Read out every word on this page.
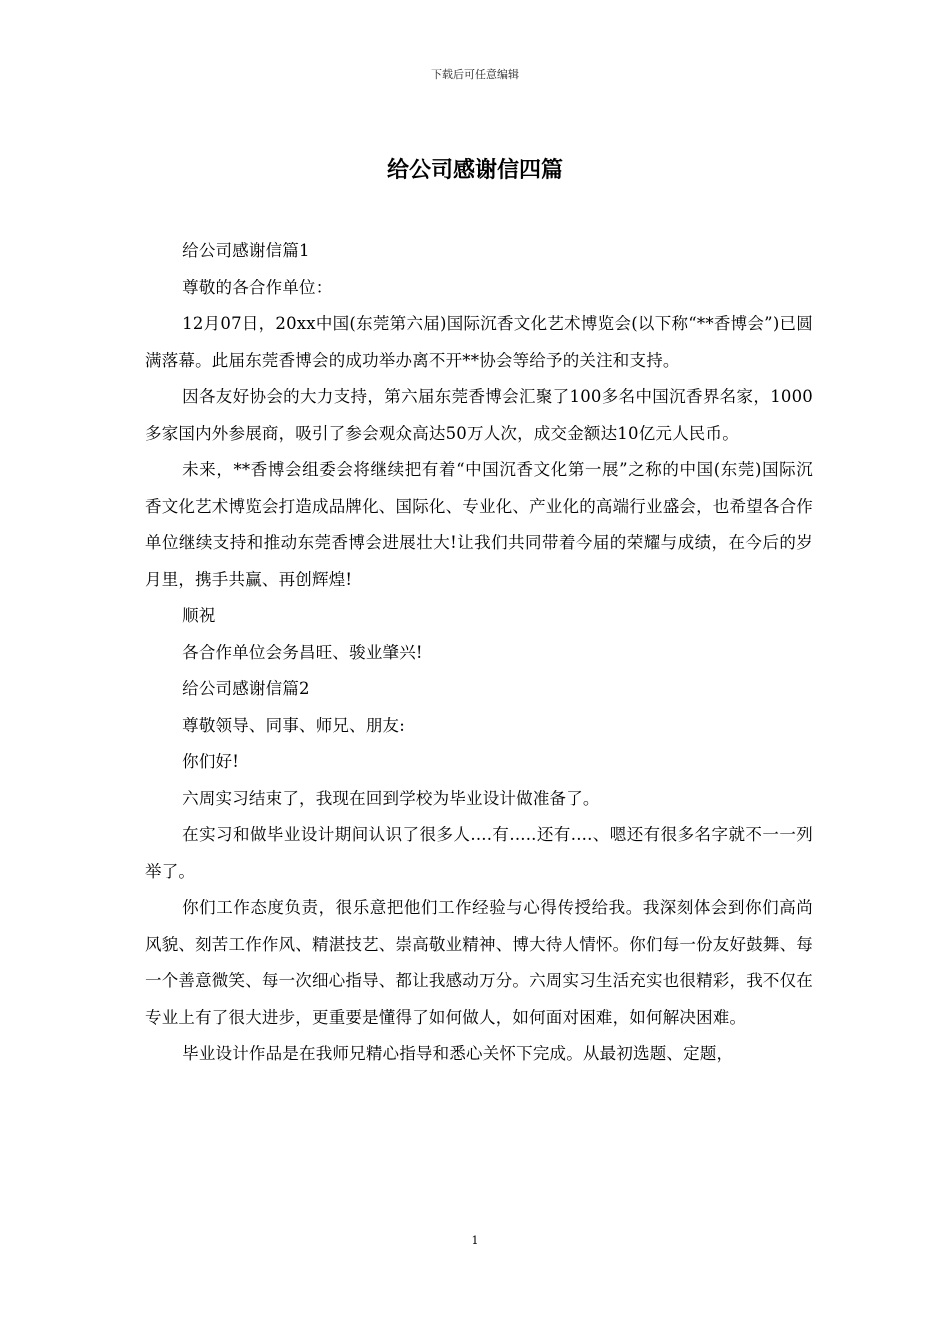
下载后可任意编辑
给公司感谢信四篇

给公司感谢信篇1

尊敬的各合作单位：

12月07日，20xx中国(东莞第六届)国际沉香文化艺术博览会(以下称“**香博会”)已圆满落幕。此届东莞香博会的成功举办离不开**协会等给予的关注和支持。

因各友好协会的大力支持，第六届东莞香博会汇聚了100多名中国沉香界名家，1000多家国内外参展商，吸引了参会观众高达50万人次，成交金额达10亿元人民币。

未来，**香博会组委会将继续把有着“中国沉香文化第一展”之称的中国(东莞)国际沉香文化艺术博览会打造成品牌化、国际化、专业化、产业化的高端行业盛会，也希望各合作单位继续支持和推动东莞香博会进展壮大!让我们共同带着今届的荣耀与成绩，在今后的岁月里，携手共赢、再创辉煌!

顺祝

各合作单位会务昌旺、骏业肇兴!

给公司感谢信篇2

尊敬领导、同事、师兄、朋友:

你们好!

六周实习结束了，我现在回到学校为毕业设计做准备了。

在实习和做毕业设计期间认识了很多人....有.....还有....、嗯还有很多名字就不一一列举了。

你们工作态度负责，很乐意把他们工作经验与心得传授给我。我深刻体会到你们高尚风貌、刻苦工作作风、精湛技艺、崇高敬业精神、博大待人情怀。你们每一份友好鼓舞、每一个善意微笑、每一次细心指导、都让我感动万分。六周实习生活充实也很精彩，我不仅在专业上有了很大进步，更重要是懂得了如何做人，如何面对困难，如何解决困难。

毕业设计作品是在我师兄精心指导和悉心关怀下完成。从最初选题、定题，

1
